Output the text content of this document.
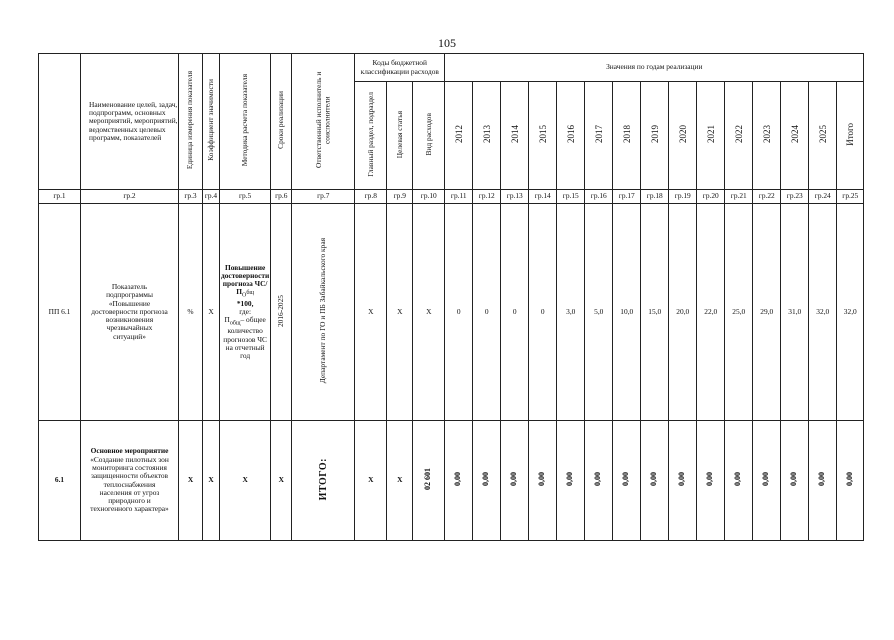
105
	Наименование целей, задач, подпрограмм, основных мероприятий, мероприятий, ведомственных целевых программ, показателей	Единица измерения показателя	Коэффициент значимости	Методика расчета показателя	Сроки реализации	Ответственный исполнитель и соисполнители	Коды бюджетной классификации расходов			Значения по годам реализации														
							Главный раздел, подраздел	Целевая статья	Вид расходов	2012	2013	2014	2015	2016	2017	2018	2019	2020	2021	2022	2023	2024	2025	Итого
гр.1	гр.2	гр.3	гр.4	гр.5	гр.6	гр.7	гр.8	гр.9	гр.10	гр.11	гр.12	гр.13	гр.14	гр.15	гр.16	гр.17	гр.18	гр.19	гр.20	гр.21	гр.22	гр.23	гр.24	гр.25
ПП 6.1	Показатель подпрограммы «Повышение достоверности прогноза возникновения чрезвычайных ситуаций»	%	Х	Повышение достоверности прогноза $ЧС/П_Общ$
*100,
где:
$П_{общ}-$ общее количество прогнозов ЧС на отчетный год	2016-2025	Департамент по ГО и ПБ Забайкальского края	Х	Х	Х	0	0	0	0	3,0	5,0	10,0	15,0	20,0	22,0	25,0	29,0	31,0	32,0	32,0
6.1	Основное мероприятие
«Создание пилотных зон мониторинга состояния защищенности объектов теплоснабжения населения от угроз природного и техногенного характера»	Х	Х	Х	Х	ИТОГО:	Х	Х	02 601	0,00	0,00	0,00	0,00	0,00	0,00	0,00	0,00	0,00	0,00	0,00	0,00	0,00	0,00	0,00
